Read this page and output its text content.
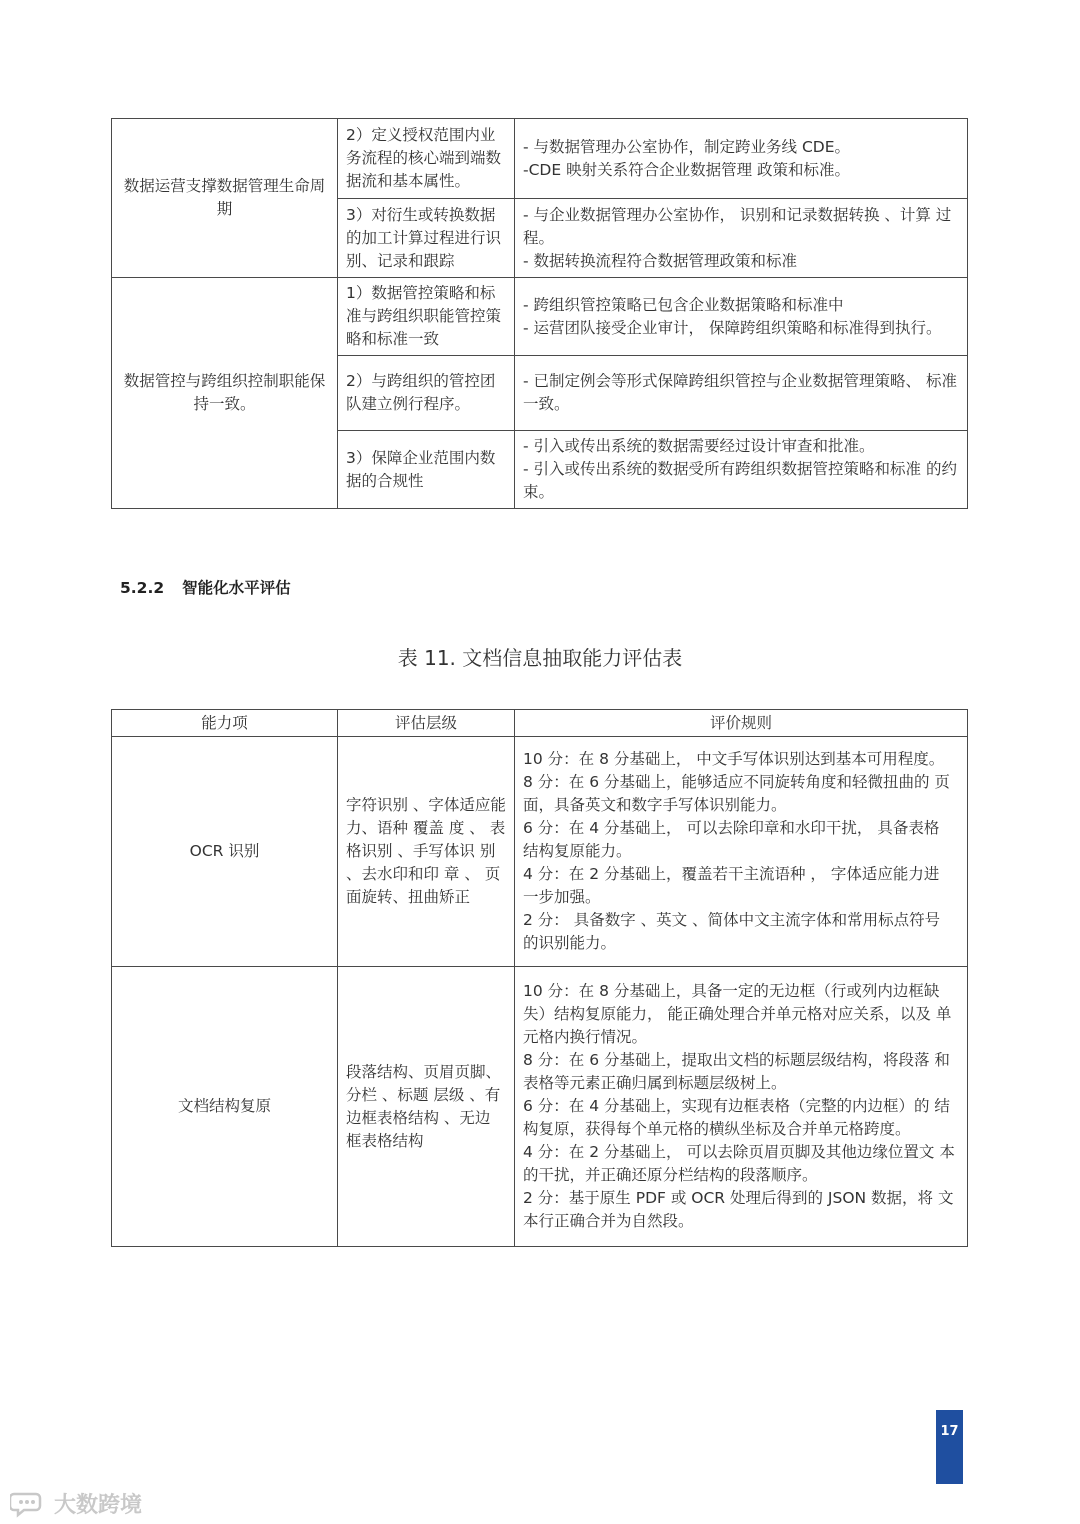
数据运营支撑数据管理生命周期	2）定义授权范围内业务流程的核心端到端数据流和基本属性。	- 与数据管理办公室协作，制定跨业务线 CDE。
-CDE 映射关系符合企业数据管理 政策和标准。

	3）对衍生或转换数据的加工计算过程进行识别、记录和跟踪	- 与企业数据管理办公室协作， 识别和记录数据转换 、计算 过程。
- 数据转换流程符合数据管理政策和标准

数据管控与跨组织控制职能保持一致。	1）数据管控策略和标准与跨组织职能管控策略和标准一致	- 跨组织管控策略已包含企业数据策略和标准中
- 运营团队接受企业审计， 保障跨组织策略和标准得到执行。

	2）与跨组织的管控团 队建立例行程序。	- 已制定例会等形式保障跨组织管控与企业数据管理策略、 标准一致。

	3）保障企业范围内数 据的合规性	- 引入或传出系统的数据需要经过设计审查和批准。
- 引入或传出系统的数据受所有跨组织数据管控策略和标准 的约束。
5.2.2 智能化水平评估

表 11. 文档信息抽取能力评估表

能力项	评估层级	评价规则
OCR 识别	字符识别 、字体适应能力、语种 覆盖 度 、 表格识别 、手写体识 别 、去水印和印 章 、 页面旋转、扭曲矫正	10 分：在 8 分基础上， 中文手写体识别达到基本可用程度。
8 分：在 6 分基础上，能够适应不同旋转角度和轻微扭曲的 页面，具备英文和数字手写体识别能力。
6 分：在 4 分基础上， 可以去除印章和水印干扰， 具备表格 结构复原能力。
4 分：在 2 分基础上，覆盖若干主流语种 ， 字体适应能力进 一步加强。
2 分： 具备数字 、英文 、简体中文主流字体和常用标点符号 的识别能力。

文档结构复原	段落结构、页眉页脚、分栏 、标题 层级 、有 边框表格结构 、无边 框表格结构	10 分：在 8 分基础上，具备一定的无边框（行或列内边框缺 失）结构复原能力， 能正确处理合并单元格对应关系，以及 单元格内换行情况。
8 分：在 6 分基础上，提取出文档的标题层级结构，将段落 和表格等元素正确归属到标题层级树上。
6 分：在 4 分基础上，实现有边框表格（完整的内边框）的 结构复原，获得每个单元格的横纵坐标及合并单元格跨度。
4 分：在 2 分基础上， 可以去除页眉页脚及其他边缘位置文 本的干扰，并正确还原分栏结构的段落顺序。
2 分：基于原生 PDF 或 OCR 处理后得到的 JSON 数据，将 文本行正确合并为自然段。
17
大数跨境
